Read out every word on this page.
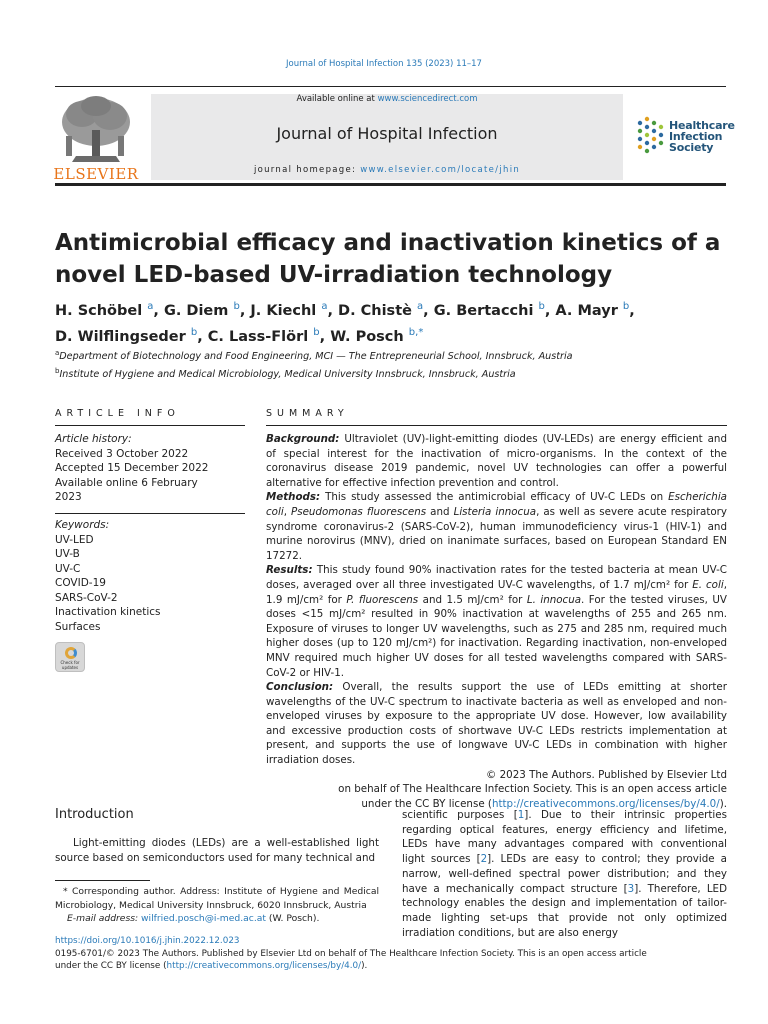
Journal of Hospital Infection 135 (2023) 11–17
ELSEVIER
Available online at www.sciencedirect.com
Journal of Hospital Infection
journal homepage: www.elsevier.com/locate/jhin
Healthcare
Infection
Society
Antimicrobial efficacy and inactivation kinetics of a
novel LED-based UV-irradiation technology
H. Schöbel $^a$, G. Diem $^b$, J. Kiechl $^a$, D. Chistè $^a$, G. Bertacchi $^b$, A. Mayr $^b$,
D. Wilflingseder $^b$, C. Lass-Flörl $^b$, W. Posch $^{b,*}$
$^a$Department of Biotechnology and Food Engineering, MCI — The Entrepreneurial School, Innsbruck, Austria
$^b$Institute of Hygiene and Medical Microbiology, Medical University Innsbruck, Innsbruck, Austria
ARTICLE INFO	SUMMARY
Article history:
Received 3 October 2022
Accepted 15 December 2022
Available online 6 February
2023
Keywords:
UV-LED
UV-B
UV-C
COVID-19
SARS-CoV-2
Inactivation kinetics
Surfaces
Check for updates

Background: Ultraviolet (UV)-light-emitting diodes (UV-LEDs) are energy efficient and of special interest for the inactivation of micro-organisms. In the context of the coronavirus disease 2019 pandemic, novel UV technologies can offer a powerful alternative for effective infection prevention and control.

Methods: This study assessed the antimicrobial efficacy of UV-C LEDs on Escherichia coli, Pseudomonas fluorescens and Listeria innocua, as well as severe acute respiratory syndrome coronavirus-2 (SARS-CoV-2), human immunodeficiency virus-1 (HIV-1) and murine norovirus (MNV), dried on inanimate surfaces, based on European Standard EN 17272.

Results: This study found 90% inactivation rates for the tested bacteria at mean UV-C doses, averaged over all three investigated UV-C wavelengths, of 1.7 mJ/cm² for E. coli, 1.9 mJ/cm² for P. fluorescens and 1.5 mJ/cm² for L. innocua. For the tested viruses, UV doses <15 mJ/cm² resulted in 90% inactivation at wavelengths of 255 and 265 nm. Exposure of viruses to longer UV wavelengths, such as 275 and 285 nm, required much higher doses (up to 120 mJ/cm²) for inactivation. Regarding inactivation, non-enveloped MNV required much higher UV doses for all tested wavelengths compared with SARS-CoV-2 or HIV-1.

Conclusion: Overall, the results support the use of LEDs emitting at shorter wavelengths of the UV-C spectrum to inactivate bacteria as well as enveloped and non-enveloped viruses by exposure to the appropriate UV dose. However, low availability and excessive production costs of shortwave UV-C LEDs restricts implementation at present, and supports the use of longwave UV-C LEDs in combination with higher irradiation doses.

© 2023 The Authors. Published by Elsevier Ltd

on behalf of The Healthcare Infection Society. This is an open access article

under the CC BY license (http://creativecommons.org/licenses/by/4.0/).

Introduction
Light-emitting diodes (LEDs) are a well-established light source based on semiconductors used for many technical and
* Corresponding author. Address: Institute of Hygiene and Medical Microbiology, Medical University Innsbruck, 6020 Innsbruck, Austria
E-mail address: wilfried.posch@i-med.ac.at (W. Posch).
scientific purposes [1]. Due to their intrinsic properties regarding optical features, energy efficiency and lifetime, LEDs have many advantages compared with conventional light sources [2]. LEDs are easy to control; they provide a narrow, well-defined spectral power distribution; and they have a mechanically compact structure [3]. Therefore, LED technology enables the design and implementation of tailor-made lighting set-ups that provide not only optimized irradiation conditions, but are also energy
https://doi.org/10.1016/j.jhin.2022.12.023
0195-6701/© 2023 The Authors. Published by Elsevier Ltd on behalf of The Healthcare Infection Society. This is an open access article
under the CC BY license (http://creativecommons.org/licenses/by/4.0/).
